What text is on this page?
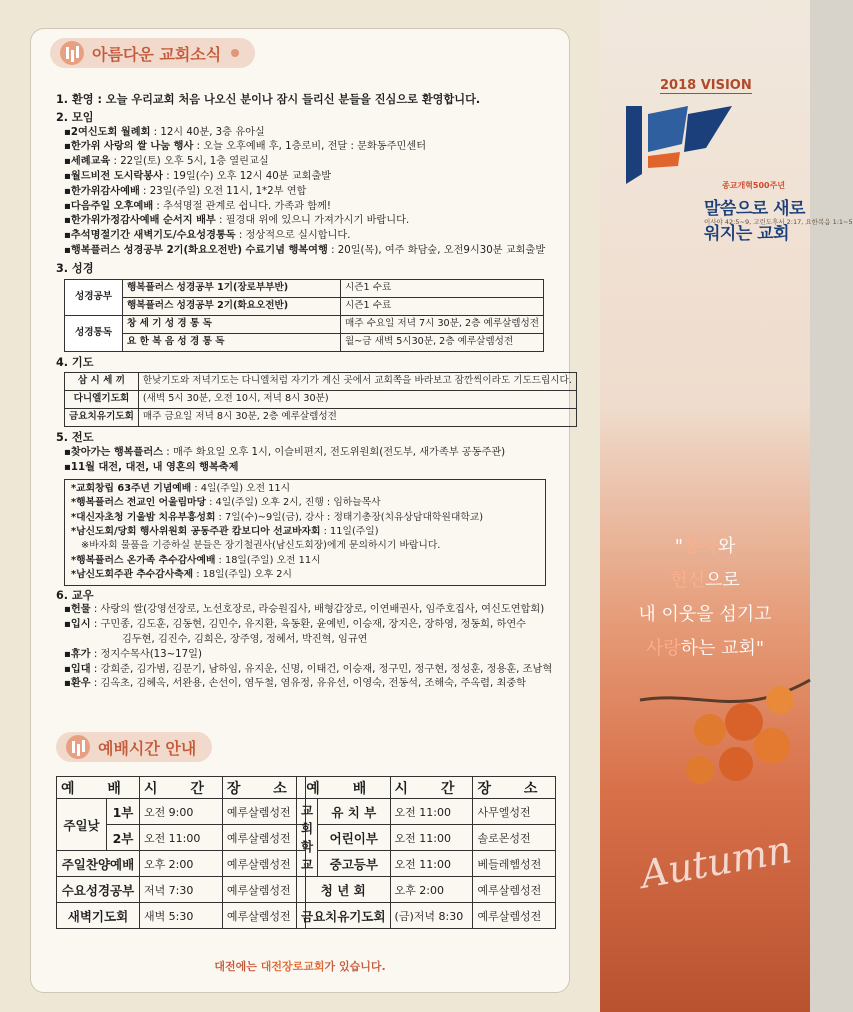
아름다운 교회소식
1. 환영 : 오늘 우리교회 처음 나오신 분이나 잠시 들리신 분들을 진심으로 환영합니다.
2. 모임
▪2여신도회 월례회 : 12시 40분, 3층 유아실
▪한가위 사랑의 쌀 나눔 행사 : 오늘 오후예배 후, 1층로비, 전달 : 문화동주민센터
▪세례교육 : 22일(토) 오후 5시, 1층 열린교실
▪월드비전 도시락봉사 : 19일(수) 오후 12시 40분 교회출발
▪한가위감사예배 : 23일(주일) 오전 11시, 1*2부 연합
▪다음주일 오후예배 : 추석명절 관계로 쉽니다. 가족과 함께!
▪한가위가정감사예배 순서지 배부 : 필경대 위에 있으니 가져가시기 바랍니다.
▪추석명절기간 새벽기도/수요성경통독 : 정상적으로 실시합니다.
▪행복플러스 성경공부 2기(화요오전반) 수료기념 행복여행 : 20일(목), 여주 화담숲, 오전9시30분 교회출발
3. 성경
성경공부	행복플러스 성경공부 1기(장로부부반)	시즌1 수료
	행복플러스 성경공부 2기(화요오전반)	시즌1 수료
성경통독	창 세 기 성 경 통 독	매주 수요일 저녁 7시 30분, 2층 예루살렘성전
	요 한 복 음 성 경 통 독	월~금 새벽 5시30분, 2층 예루살렘성전
4. 기도
삼 시 세 끼	한낮기도와 저녁기도는 다니엘처럼 자기가 계신 곳에서 교회쪽을 바라보고 잠깐씩이라도 기도드립시다.
다니엘기도회	(새벽 5시 30분, 오전 10시, 저녁 8시 30분)
금요치유기도회	매주 금요일 저녁 8시 30분, 2층 예루살렘성전
5. 전도
▪찾아가는 행복플러스 : 매주 화요일 오후 1시, 이슬비편지, 전도위원회(전도부, 새가족부 공동주관)
▪11월 대전, 대전, 내 영혼의 행복축제
*교회창립 63주년 기념예배 : 4일(주일) 오전 11시
*행복플러스 전교인 어울림마당 : 4일(주일) 오후 2시, 진행 : 임하늘목사
*대신자초청 기울밤 치유부흥성회 : 7일(수)~9일(금), 강사 : 정태기총장(치유상담대학원대학교)
*남신도회/당회 행사위원회 공동주관 캄보디아 선교바자회 : 11일(주일)
※바자회 물품을 기증하실 분들은 장기철권사(남신도회장)에게 문의하시기 바랍니다.
*행복플러스 온가족 추수감사예배 : 18일(주일) 오전 11시
*남신도회주관 추수감사축제 : 18일(주일) 오후 2시
6. 교우
▪헌물 : 사랑의 쌀(강영선장로, 노선호장로, 라승원집사, 배형갑장로, 이연배권사, 임주호집사, 여신도연합회)
▪입시 : 구민종, 김도훈, 김동현, 김민수, 유지환, 육동환, 윤예빈, 이승재, 장지은, 장하영, 정동희, 하연수
김두현, 김진수, 김희은, 장주영, 정혜서, 박진혁, 임규연
▪휴가 : 정지수목사(13~17일)
▪입대 : 강희준, 김가범, 김문기, 남하임, 유지운, 신명, 이태건, 이승재, 정구민, 정구현, 정성훈, 정용훈, 조남혁
▪환우 : 김옥초, 김혜옥, 서완용, 손선이, 염두철, 염유정, 유유선, 이영숙, 전동석, 조해숙, 주옥렴, 최중학
예배시간 안내
예 배		시 간	장 소
주일낮	1부	오전 9:00	예루살렘성전
	2부	오전 11:00	예루살렘성전
주일찬양예배		오후 2:00	예루살렘성전
수요성경공부		저녁 7:30	예루살렘성전
새벽기도회		새벽 5:30	예루살렘성전
예 배		시 간	장 소
교회학교	유 치 부	오전 11:00	사무엘성전
	어린이부	오전 11:00	솔로몬성전
	중고등부	오전 11:00	베들레헴성전
청 년 회		오후 2:00	예루살렘성전
금요치유기도회		(금)저녁 8:30	예루살렘성전
대전에는 대전장로교회가 있습니다.
2018 VISION
종교개혁500주년
말씀으로 새로워지는 교회
이사야 42:5~9, 고린도후서 2:17, 요한복음 1:1~5
"봉사와
헌신으로
내 이웃을 섬기고
사랑하는 교회"
Autumn
